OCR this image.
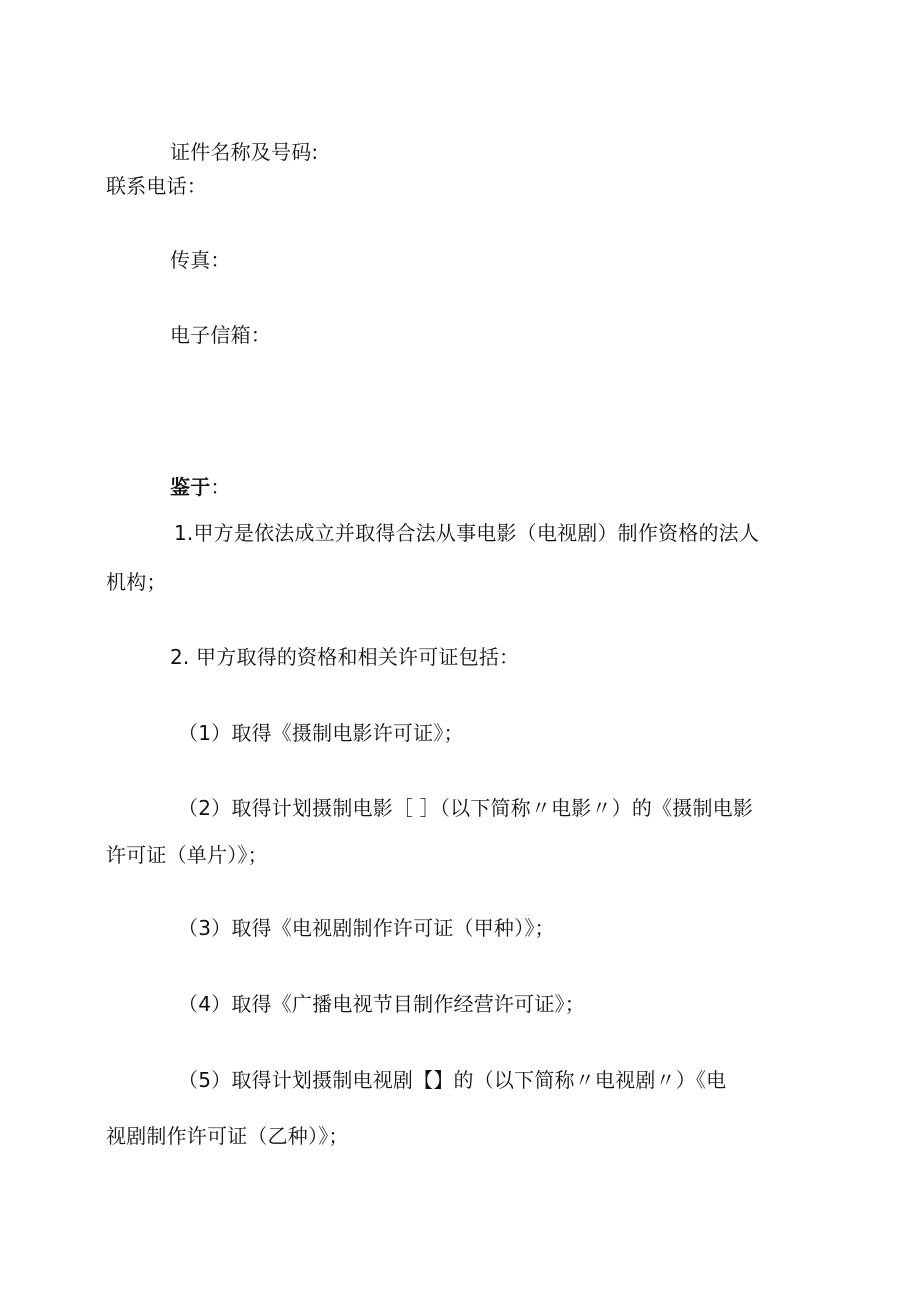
证件名称及号码:
联系电话：
传真：
电子信箱：
鉴于：
1.甲方是依法成立并取得合法从事电影（电视剧）制作资格的法人
机构；
2. 甲方取得的资格和相关许可证包括：
（1）取得《摄制电影许可证》；
（2）取得计划摄制电影［ ］（以下简称〃电影〃）的《摄制电影
许可证（单片）》；
（3）取得《电视剧制作许可证（甲种）》；
（4）取得《广播电视节目制作经营许可证》；
（5）取得计划摄制电视剧【】的（以下简称〃电视剧〃）《电
视剧制作许可证（乙种）》；
